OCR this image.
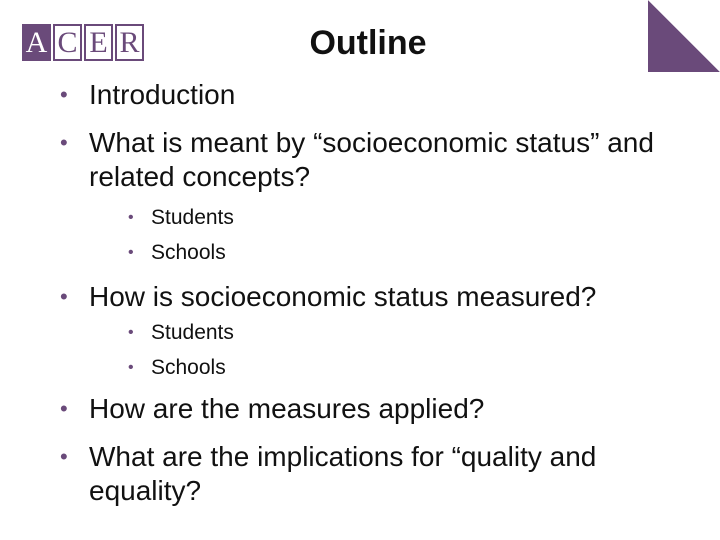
A C E R	Outline
• Introduction
• What is meant by “socioeconomic status” and related concepts?
• Students
• Schools
• How is socioeconomic status measured?
• Students
• Schools
• How are the measures applied?
• What are the implications for “quality and equality?
